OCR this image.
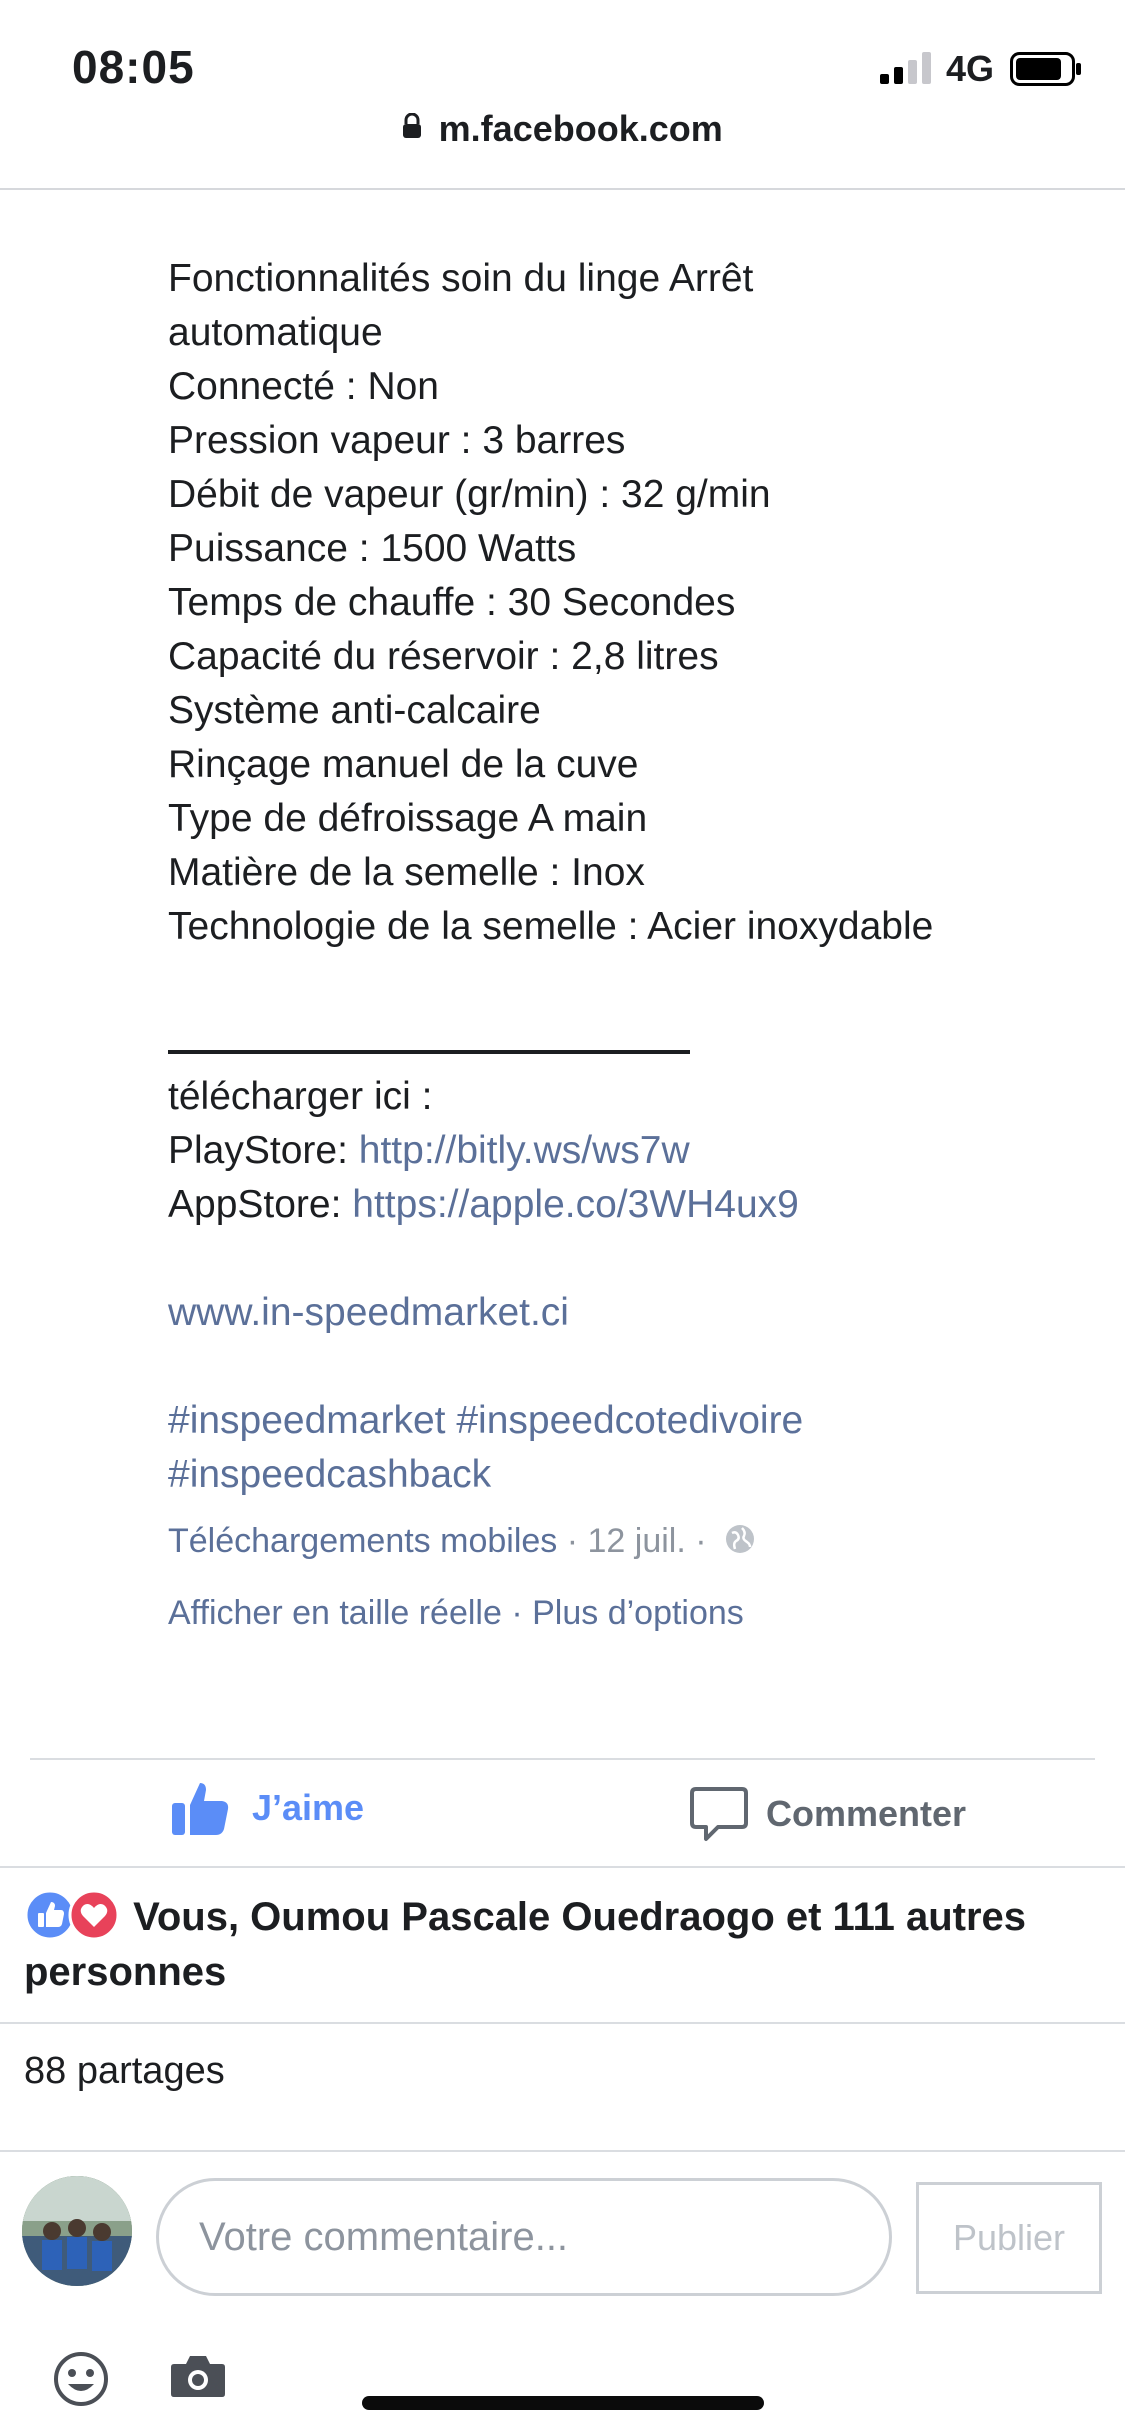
08:05	4G
m.facebook.com
Fonctionnalités soin du linge Arrêt
automatique
Connecté : Non
Pression vapeur : 3 barres
Débit de vapeur (gr/min) : 32 g/min
Puissance : 1500 Watts
Temps de chauffe : 30 Secondes
Capacité du réservoir : 2,8 litres
Système anti-calcaire
Rinçage manuel de la cuve
Type de défroissage A main
Matière de la semelle : Inox
Technologie de la semelle : Acier inoxydable
télécharger ici :
PlayStore: http://bitly.ws/ws7w
AppStore: https://apple.co/3WH4ux9
www.in-speedmarket.ci
#inspeedmarket #inspeedcotedivoire
#inspeedcashback
Téléchargements mobiles · 12 juil. ·
Afficher en taille réelle · Plus d’options
J’aime	Commenter
Vous, Oumou Pascale Ouedraogo et 111 autres personnes
88 partages
Votre commentaire...	Publier
